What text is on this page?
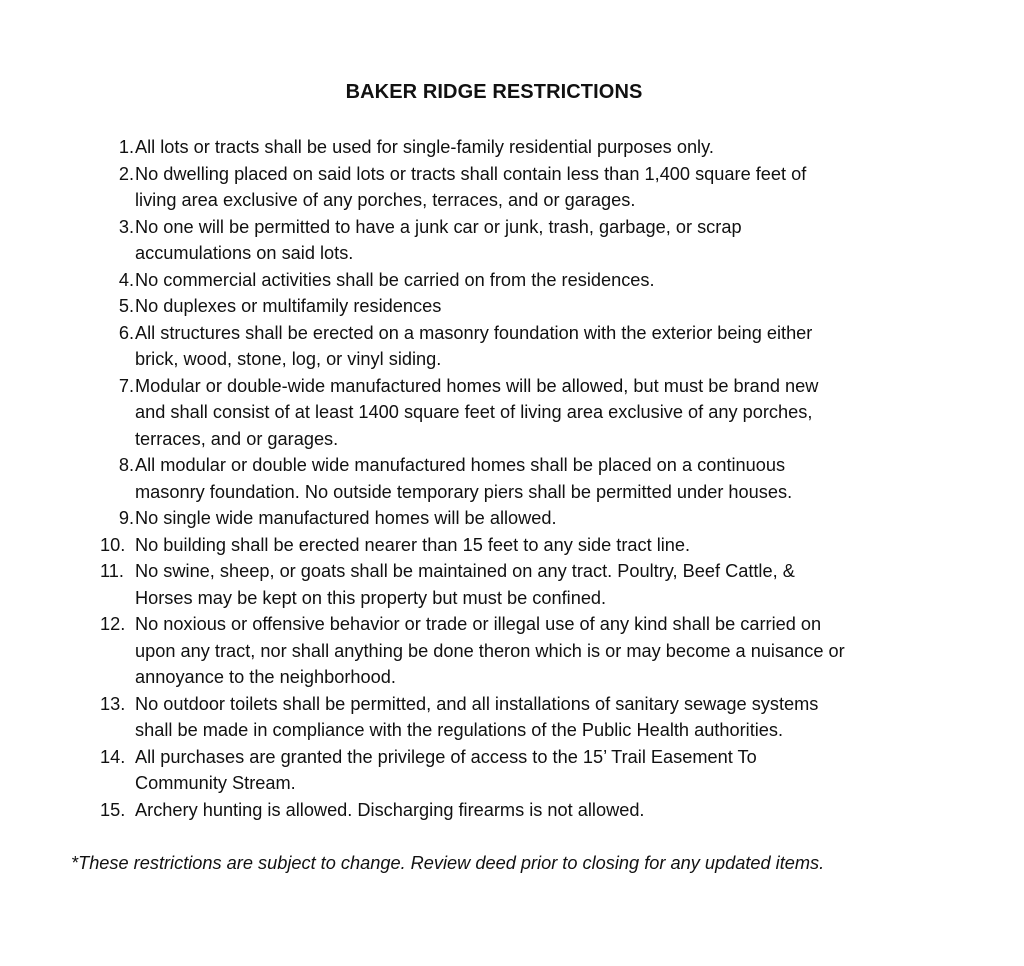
BAKER RIDGE RESTRICTIONS
1. All lots or tracts shall be used for single-family residential purposes only.
2. No dwelling placed on said lots or tracts shall contain less than 1,400 square feet of
living area exclusive of any porches, terraces, and or garages.
3. No one will be permitted to have a junk car or junk, trash, garbage, or scrap
accumulations on said lots.
4. No commercial activities shall be carried on from the residences.
5. No duplexes or multifamily residences
6. All structures shall be erected on a masonry foundation with the exterior being either
brick, wood, stone, log, or vinyl siding.
7. Modular or double-wide manufactured homes will be allowed, but must be brand new
and shall consist of at least 1400 square feet of living area exclusive of any porches,
terraces, and or garages.
8. All modular or double wide manufactured homes shall be placed on a continuous
masonry foundation. No outside temporary piers shall be permitted under houses.
9. No single wide manufactured homes will be allowed.
10. No building shall be erected nearer than 15 feet to any side tract line.
11. No swine, sheep, or goats shall be maintained on any tract. Poultry, Beef Cattle, &
Horses may be kept on this property but must be confined.
12. No noxious or offensive behavior or trade or illegal use of any kind shall be carried on
upon any tract, nor shall anything be done theron which is or may become a nuisance or
annoyance to the neighborhood.
13. No outdoor toilets shall be permitted, and all installations of sanitary sewage systems
shall be made in compliance with the regulations of the Public Health authorities.
14. All purchases are granted the privilege of access to the 15’ Trail Easement To
Community Stream.
15. Archery hunting is allowed. Discharging firearms is not allowed.
*These restrictions are subject to change. Review deed prior to closing for any updated items.
